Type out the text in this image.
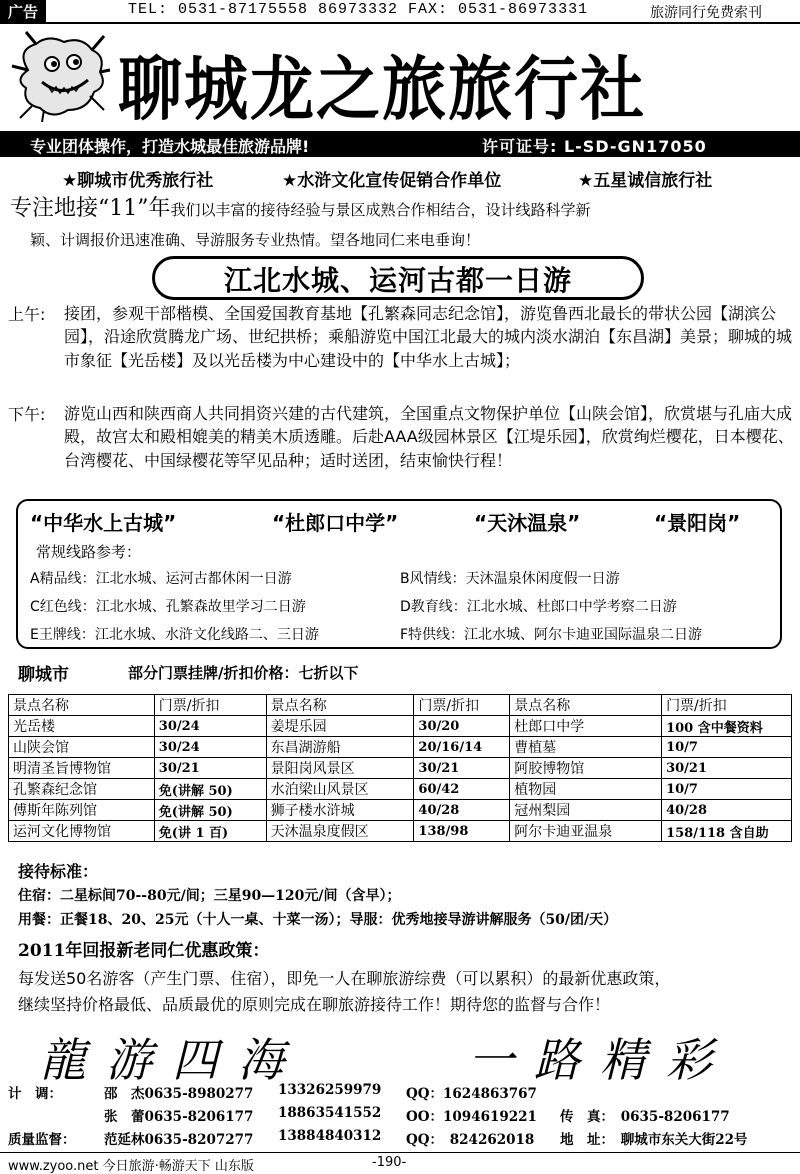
广告	TEL: 0531-87175558 86973332 FAX: 0531-86973331	旅游同行免费索刊
聊城龙之旅旅行社
专业团体操作，打造水城最佳旅游品牌!	许可证号: L-SD-GN17050
★聊城市优秀旅行社	★水浒文化宣传促销合作单位	★五星诚信旅行社
专注地接“11”年我们以丰富的接待经验与景区成熟合作相结合，设计线路科学新
颖、计调报价迅速准确、导游服务专业热情。望各地同仁来电垂询！
江北水城、运河古都一日游
上午: 接团，参观干部楷模、全国爱国教育基地【孔繁森同志纪念馆】，游览鲁西北最长的带状公园【湖滨公园】，沿途欣赏腾龙广场、世纪拱桥；乘船游览中国江北最大的城内淡水湖泊【东昌湖】美景；聊城的城市象征【光岳楼】及以光岳楼为中心建设中的【中华水上古城】；
下午: 游览山西和陕西商人共同捐资兴建的古代建筑，全国重点文物保护单位【山陕会馆】，欣赏堪与孔庙大成殿，故宫太和殿相媲美的精美木质透雕。后赴AAA级园林景区【江堤乐园】，欣赏绚烂樱花，日本樱花、台湾樱花、中国绿樱花等罕见品种；适时送团，结束愉快行程！
“中华水上古城”	“杜郎口中学”	“天沐温泉”	“景阳岗”
常规线路参考：
A精品线：江北水城、运河古都休闲一日游	B风情线：天沐温泉休闲度假一日游
C红色线：江北水城、孔繁森故里学习二日游	D教育线：江北水城、杜郎口中学考察二日游
E王牌线：江北水城、水浒文化线路二、三日游	F特供线：江北水城、阿尔卡迪亚国际温泉二日游
聊城市	部分门票挂牌/折扣价格：七折以下
景点名称	门票/折扣	景点名称	门票/折扣	景点名称	门票/折扣
光岳楼	30/24	姜堤乐园	30/20	杜郎口中学	100 含中餐资料
山陕会馆	30/24	东昌湖游船	20/16/14	曹植墓	10/7
明清圣旨博物馆	30/21	景阳岗风景区	30/21	阿胶博物馆	30/21
孔繁森纪念馆	免(讲解 50)	水泊梁山风景区	60/42	植物园	10/7
傅斯年陈列馆	免(讲解 50)	狮子楼水浒城	40/28	冠州梨园	40/28
运河文化博物馆	免(讲 1 百)	天沐温泉度假区	138/98	阿尔卡迪亚温泉	158/118 含自助
接待标准：
住宿：二星标间70--80元/间；三星90—120元/间（含早）；
用餐：正餐18、20、25元（十人一桌、十菜一汤）；导服：优秀地接导游讲解服务（50/团/天）
2011年回报新老同仁优惠政策：
每发送50名游客（产生门票、住宿），即免一人在聊旅游综费（可以累积）的最新优惠政策，
继续坚持价格最低、品质最优的原则完成在聊旅游接待工作！期待您的监督与合作！
龍游四海	一路精彩
计　调：	邵　杰0635-8980277 13326259979 QQ：1624863767
张　蕾0635-8206177 18863541552 OO：1094619221 传　真：　0635-8206177
质量监督： 范延林0635-8207277 13884840312 QQ：　824262018 地　址：　聊城市东关大街22号
www.zyoo.net 今日旅游·畅游天下 山东版	-190-
